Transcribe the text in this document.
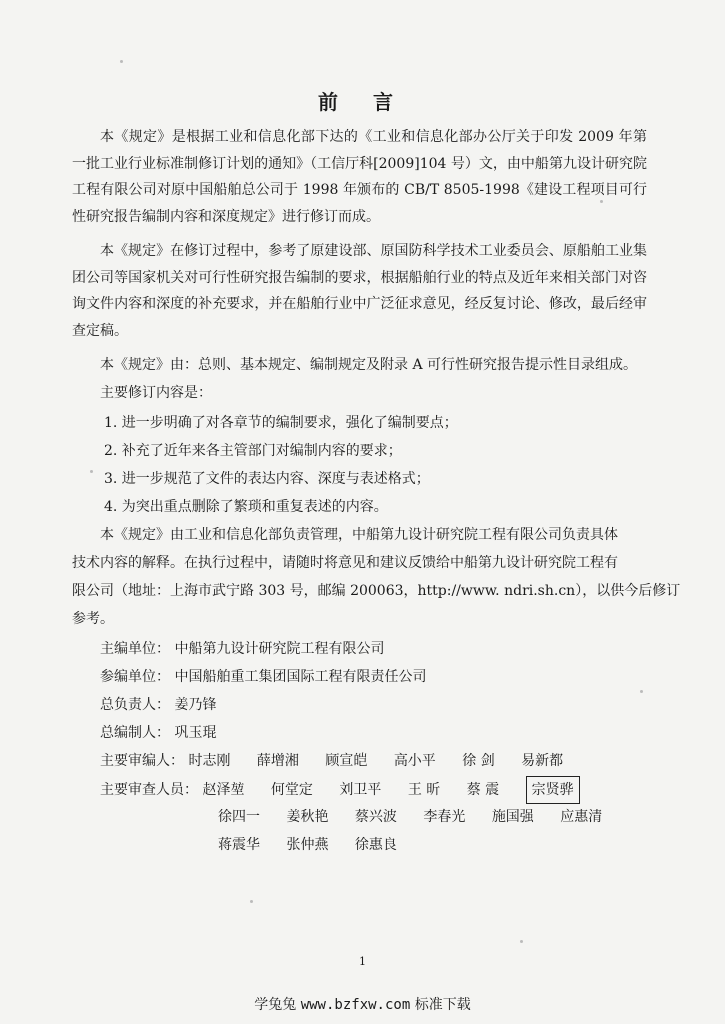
前 言
本《规定》是根据工业和信息化部下达的《工业和信息化部办公厅关于印发 2009 年第一批工业行业标准制修订计划的通知》（工信厅科[2009]104 号）文，由中船第九设计研究院工程有限公司对原中国船舶总公司于 1998 年颁布的 CB/T 8505-1998《建设工程项目可行性研究报告编制内容和深度规定》进行修订而成。
本《规定》在修订过程中，参考了原建设部、原国防科学技术工业委员会、原船舶工业集团公司等国家机关对可行性研究报告编制的要求，根据船舶行业的特点及近年来相关部门对咨询文件内容和深度的补充要求，并在船舶行业中广泛征求意见，经反复讨论、修改，最后经审查定稿。
本《规定》由：总则、基本规定、编制规定及附录 A 可行性研究报告提示性目录组成。
主要修订内容是：
1. 进一步明确了对各章节的编制要求，强化了编制要点；
2. 补充了近年来各主管部门对编制内容的要求；
3. 进一步规范了文件的表达内容、深度与表述格式；
4. 为突出重点删除了繁琐和重复表述的内容。
本《规定》由工业和信息化部负责管理，中船第九设计研究院工程有限公司负责具体
技术内容的解释。在执行过程中，请随时将意见和建议反馈给中船第九设计研究院工程有
限公司（地址：上海市武宁路 303 号，邮编 200063，http://www. ndri.sh.cn），以供今后修订
参考。
主编单位： 中船第九设计研究院工程有限公司
参编单位： 中国船舶重工集团国际工程有限责任公司
总负责人： 姜乃锋
总编制人： 巩玉琨
主要审编人： 时志刚 薛增湘 顾宣皑 高小平 徐 剑 易新都
主要审查人员： 赵泽堃 何堂定 刘卫平 王 昕 蔡 震 宗贤骅
徐四一 姜秋艳 蔡兴波 李春光 施国强 应惠清
蒋震华 张仲燕 徐惠良
1
学兔兔 www.bzfxw.com 标准下载
